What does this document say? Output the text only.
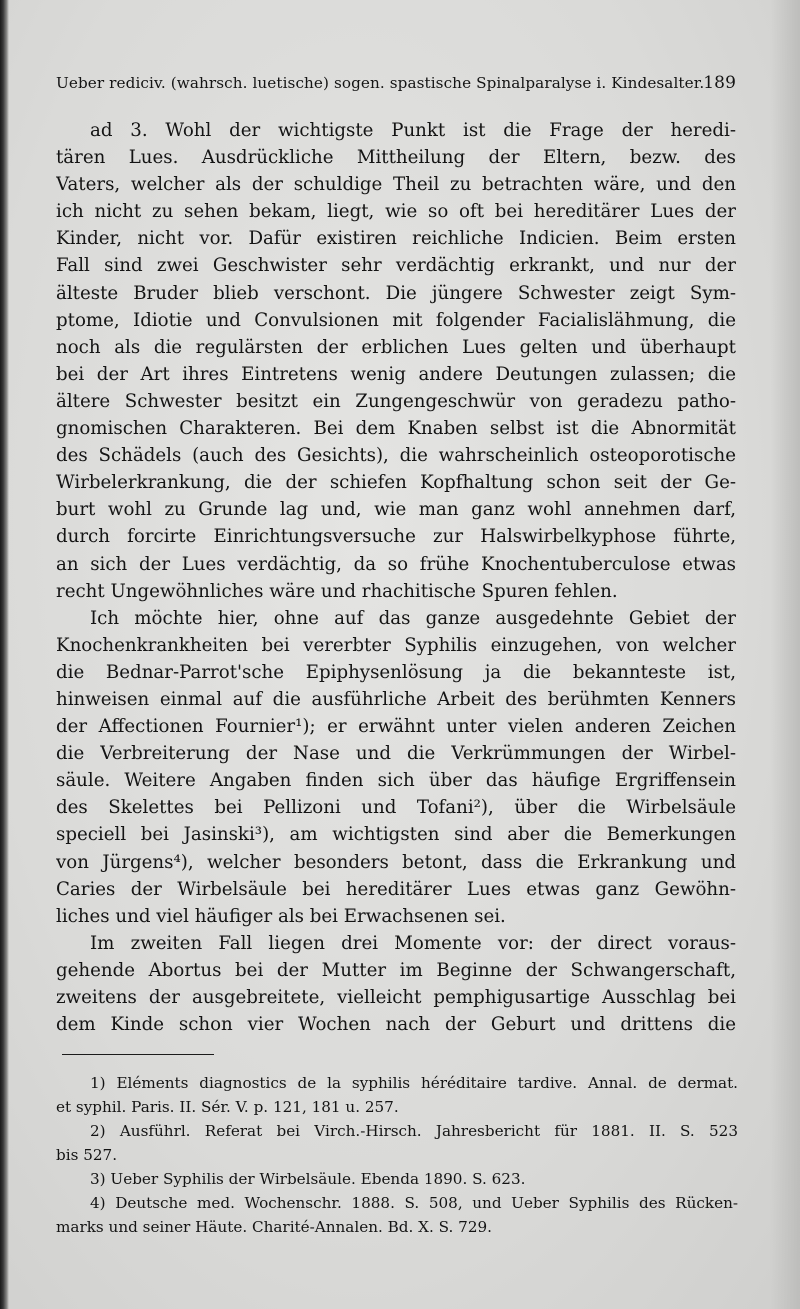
Ueber rediciv. (wahrsch. luetische) sogen. spastische Spinalparalyse i. Kindesalter.
189
ad 3. Wohl der wichtigste Punkt ist die Frage der heredi-
tären Lues. Ausdrückliche Mittheilung der Eltern, bezw. des
Vaters, welcher als der schuldige Theil zu betrachten wäre, und den
ich nicht zu sehen bekam, liegt, wie so oft bei hereditärer Lues der
Kinder, nicht vor. Dafür existiren reichliche Indicien. Beim ersten
Fall sind zwei Geschwister sehr verdächtig erkrankt, und nur der
älteste Bruder blieb verschont. Die jüngere Schwester zeigt Sym-
ptome, Idiotie und Convulsionen mit folgender Facialislähmung, die
noch als die regulärsten der erblichen Lues gelten und überhaupt
bei der Art ihres Eintretens wenig andere Deutungen zulassen; die
ältere Schwester besitzt ein Zungengeschwür von geradezu patho-
gnomischen Charakteren. Bei dem Knaben selbst ist die Abnormität
des Schädels (auch des Gesichts), die wahrscheinlich osteoporotische
Wirbelerkrankung, die der schiefen Kopfhaltung schon seit der Ge-
burt wohl zu Grunde lag und, wie man ganz wohl annehmen darf,
durch forcirte Einrichtungsversuche zur Halswirbelkyphose führte,
an sich der Lues verdächtig, da so frühe Knochentuberculose etwas
recht Ungewöhnliches wäre und rhachitische Spuren fehlen.
Ich möchte hier, ohne auf das ganze ausgedehnte Gebiet der
Knochenkrankheiten bei vererbter Syphilis einzugehen, von welcher
die Bednar-Parrot'sche Epiphysenlösung ja die bekannteste ist,
hinweisen einmal auf die ausführliche Arbeit des berühmten Kenners
der Affectionen Fournier¹); er erwähnt unter vielen anderen Zeichen
die Verbreiterung der Nase und die Verkrümmungen der Wirbel-
säule. Weitere Angaben finden sich über das häufige Ergriffensein
des Skelettes bei Pellizoni und Tofani²), über die Wirbelsäule
speciell bei Jasinski³), am wichtigsten sind aber die Bemerkungen
von Jürgens⁴), welcher besonders betont, dass die Erkrankung und
Caries der Wirbelsäule bei hereditärer Lues etwas ganz Gewöhn-
liches und viel häufiger als bei Erwachsenen sei.
Im zweiten Fall liegen drei Momente vor: der direct voraus-
gehende Abortus bei der Mutter im Beginne der Schwangerschaft,
zweitens der ausgebreitete, vielleicht pemphigusartige Ausschlag bei
dem Kinde schon vier Wochen nach der Geburt und drittens die
1) Eléments diagnostics de la syphilis héréditaire tardive. Annal. de dermat.
et syphil. Paris. II. Sér. V. p. 121, 181 u. 257.
2) Ausführl. Referat bei Virch.-Hirsch. Jahresbericht für 1881. II. S. 523
bis 527.
3) Ueber Syphilis der Wirbelsäule. Ebenda 1890. S. 623.
4) Deutsche med. Wochenschr. 1888. S. 508, und Ueber Syphilis des Rücken-
marks und seiner Häute. Charité-Annalen. Bd. X. S. 729.
